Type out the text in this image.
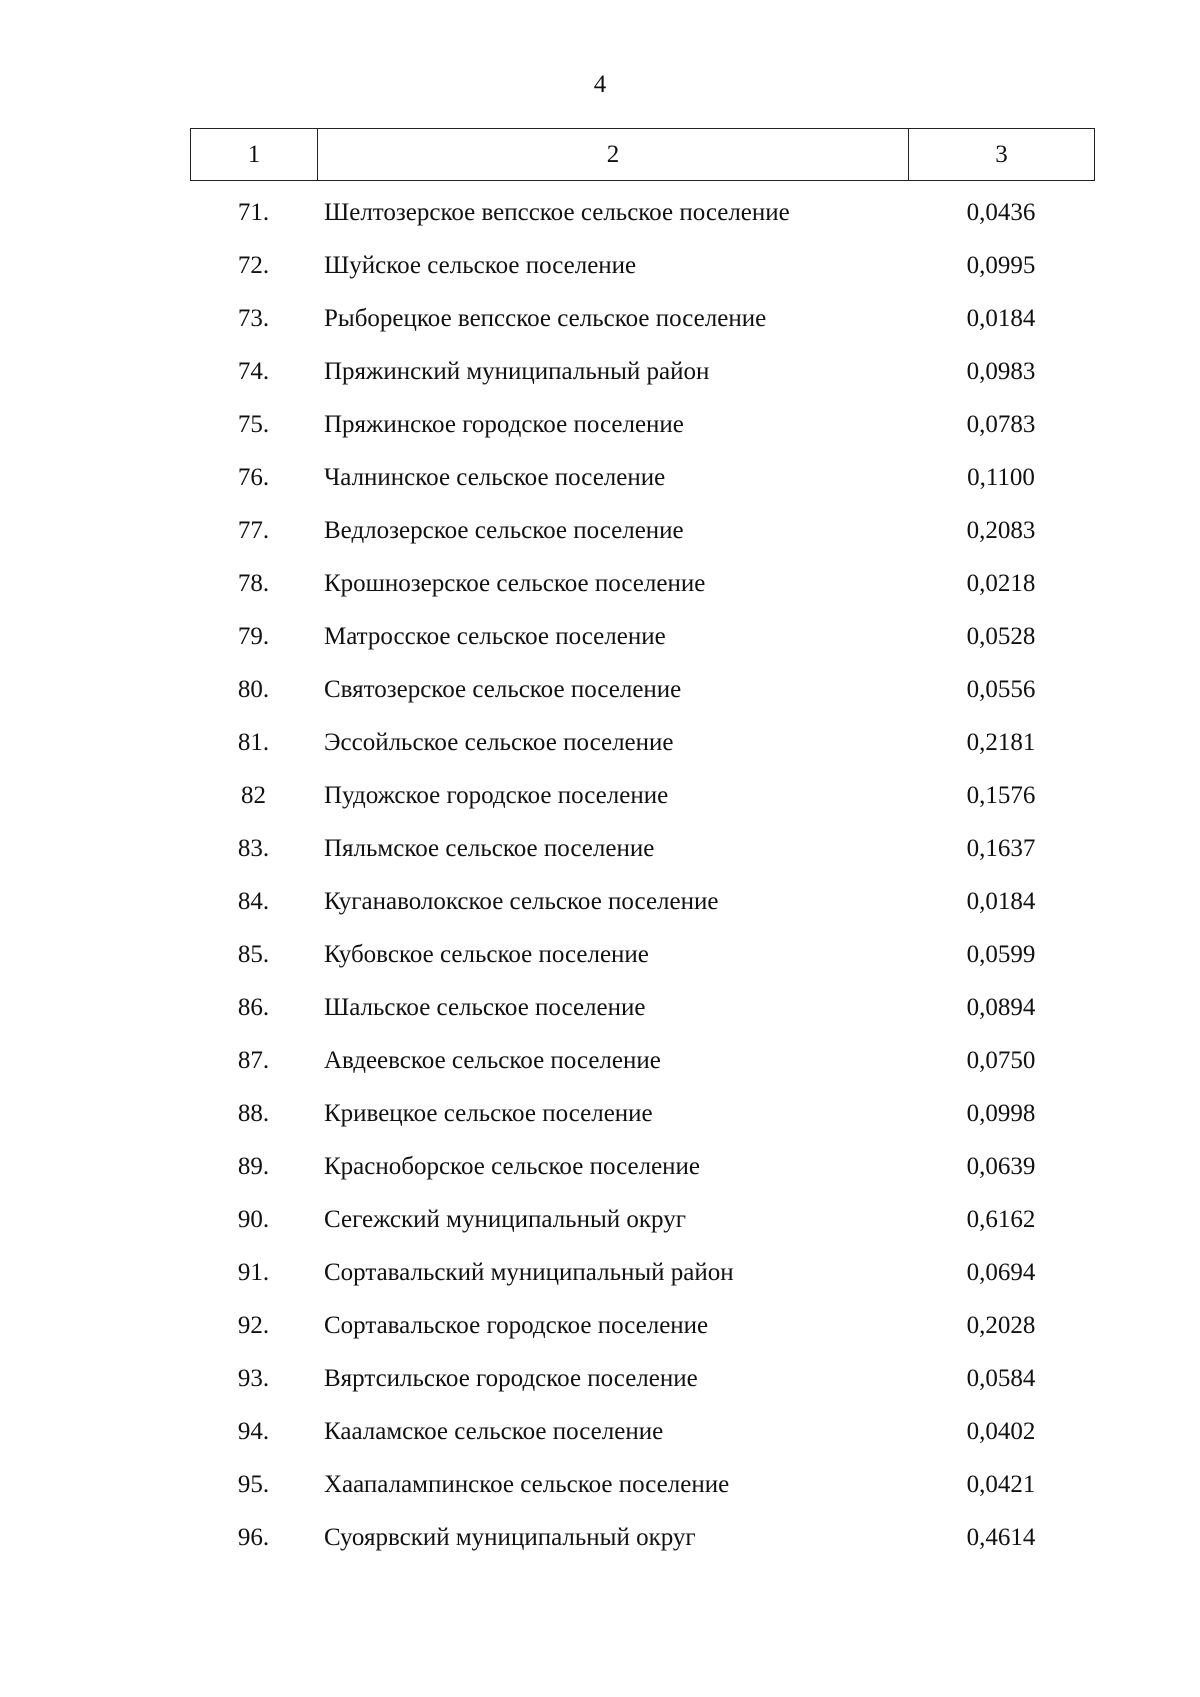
4
1	2	3
71.	Шелтозерское вепсское сельское поселение	0,0436
72.	Шуйское сельское поселение	0,0995
73.	Рыборецкое вепсское сельское поселение	0,0184
74.	Пряжинский муниципальный район	0,0983
75.	Пряжинское городское поселение	0,0783
76.	Чалнинское сельское поселение	0,1100
77.	Ведлозерское сельское поселение	0,2083
78.	Крошнозерское сельское поселение	0,0218
79.	Матросское сельское поселение	0,0528
80.	Святозерское сельское поселение	0,0556
81.	Эссойльское сельское поселение	0,2181
82	Пудожское городское поселение	0,1576
83.	Пяльмское сельское поселение	0,1637
84.	Куганаволокское сельское поселение	0,0184
85.	Кубовское сельское поселение	0,0599
86.	Шальское сельское поселение	0,0894
87.	Авдеевское сельское поселение	0,0750
88.	Кривецкое сельское поселение	0,0998
89.	Красноборское сельское поселение	0,0639
90.	Сегежский муниципальный округ	0,6162
91.	Сортавальский муниципальный район	0,0694
92.	Сортавальское городское поселение	0,2028
93.	Вяртсильское городское поселение	0,0584
94.	Кааламское сельское поселение	0,0402
95.	Хаапалампинское сельское поселение	0,0421
96.	Суоярвский муниципальный округ	0,4614
